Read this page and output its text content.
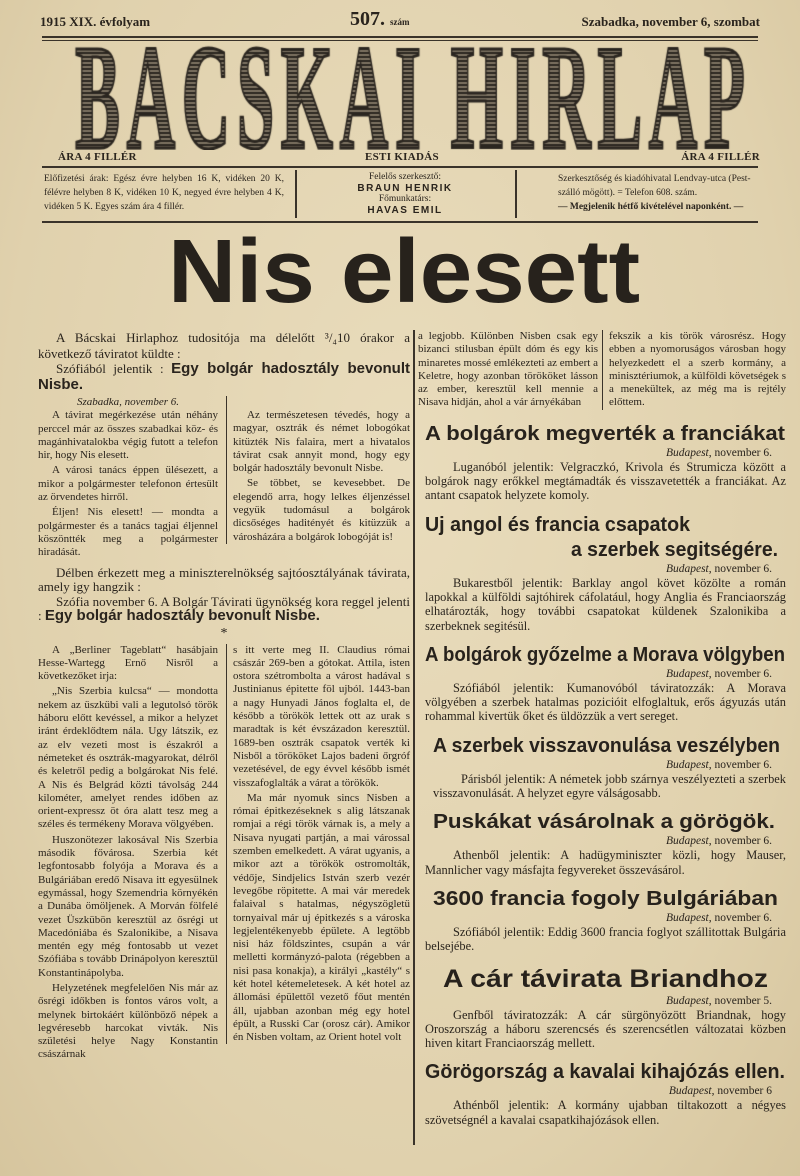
1915 XIX. évfolyam	507. szám	Szabadka, november 6, szombat
ÁRA 4 FILLÉR	ESTI KIADÁS	ÁRA 4 FILLÉR
Előfizetési árak: Egész évre helyben 16 K, vidéken 20 K, félévre helyben 8 K, vidéken 10 K, negyed évre helyben 4 K, vidéken 5 K. Egyes szám ára 4 fillér.
Felelős szerkesztő:
BRAUN HENRIK
Főmunkatárs:
HAVAS EMIL
Szerkesztőség és kiadóhivatal Lendvay-utca (Pest-szálló mögött). = Telefon 608. szám.
— Megjelenik hétfő kivételével naponként. —
Nis elesett

A Bácskai Hirlaphoz tudositója ma délelőtt ³/₄10 órakor a következő táviratot küldte :

Szófiából jelentik : Egy bolgár hadosztály bevonult Nisbe.

Szabadka, november 6.

A távirat megérkezése után néhány perccel már az összes szabadkai köz- és magánhivatalokba végig futott a telefon hir, hogy Nis elesett.

A városi tanács éppen ülésezett, a mikor a polgármester telefonon értesült az örvendetes hirről.

Éljen! Nis elesett! — mondta a polgármester és a tanács tagjai éljennel köszöntték meg a polgármester hiradását.

Az természetesen tévedés, hogy a magyar, osztrák és német lobogókat kitüzték Nis falaira, mert a hivatalos távirat csak annyit mond, hogy egy bolgár hadosztály bevonult Nisbe.

Se többet, se kevesebbet. De elegendő arra, hogy lelkes éljenzéssel vegyük tudomásul a bolgárok dicsőséges haditényét és kitüzzük a városházára a bolgárok lobogóját is!

Délben érkezett meg a miniszterelnökség sajtóosztályának távirata, amely igy hangzik :

Szófia november 6. A Bolgár Távirati ügynökség kora reggel jelenti : Egy bolgár hadosztály bevonult Nisbe.

*

A „Berliner Tageblatt“ hasábjain Hesse-Wartegg Ernő Nisről a következőket irja:

„Nis Szerbia kulcsa“ — mondotta nekem az üszkübi vali a legutolsó török háboru előtt kevéssel, a mikor a helyzet iránt érdeklődtem nála. Ugy látszik, ez az elv vezeti most is északról a németeket és osztrák-magyarokat, délről és keletről pedig a bolgárokat Nis felé. A Nis és Belgrád közti távolság 244 kilométer, amelyet rendes időben az orient-expressz öt óra alatt tesz meg a széles és termékeny Morava völgyében.

Huszonötezer lakosával Nis Szerbia második fővárosa. Szerbia két legfontosabb folyója a Morava és a Bulgáriában eredő Nisava itt egyesülnek egymással, hogy Szemendria környékén a Dunába ömöljenek. A Morván fölfelé vezet Üszkübön keresztül az ősrégi ut Macedóniába és Szalonikibe, a Nisava mentén egy még fontosabb ut vezet Szófiába s tovább Drinápolyon keresztül Konstantinápolyba.

Helyzetének megfelelően Nis már az ősrégi időkben is fontos város volt, a melynek birtokáért különböző népek a legvéresebb harcokat vivták. Nis születési helye Nagy Konstantin császárnak

s itt verte meg II. Claudius római császár 269-ben a gótokat. Attila, isten ostora szétrombolta a várost hadával s Justinianus épitette föl ujból. 1443-ban a nagy Hunyadi János foglalta el, de később a törökök lettek ott az urak s maradtak is két évszázadon keresztül. 1689-ben osztrák csapatok verték ki Nisből a törököket Lajos badeni őrgróf vezetésével, de egy évvel később ismét visszafoglalták a várat a törökök.

Ma már nyomuk sincs Nisben a római épitkezéseknek s alig látszanak romjai a régi török várnak is, a mely a Nisava nyugati partján, a mai várossal szemben emelkedett. A várat ugyanis, a mikor azt a törökök ostromolták, védője, Sindjelics István szerb vezér levegőbe röpitette. A mai vár meredek falaival s hatalmas, négyszögletü tornyaival már uj épitkezés s a városka legjelentékenyebb épülete. A legtöbb nisi ház földszintes, csupán a vár melletti kormányzó-palota (régebben a nisi pasa konakja), a királyi „kastély“ s két hotel kétemeletesek. A két hotel az állomási épülettől vezető főut mentén áll, ujabban azonban még egy hotel épült, a Russki Car (orosz cár). Amikor én Nisben voltam, az Orient hotel volt

a legjobb. Különben Nisben csak egy bizanci stilusban épült dóm és egy kis minaretes mossé emlékezteti az embert a Keletre, hogy azonban törököket lásson az ember, keresztül kell mennie a Nisava hidján, ahol a vár árnyékában

fekszik a kis török városrész. Hogy ebben a nyomoruságos városban hogy helyezkedett el a szerb kormány, a minisztériumok, a külföldi követségek s a menekültek, az még ma is rejtély előttem.

A bolgárok megverték a franciákat
Budapest, november 6.

Luganóból jelentik: Velgraczkó, Krivola és Strumicza között a bolgárok nagy erőkkel megtámadták és visszavetették a franciákat. Az antant csapatok helyzete komoly.

Uj angol és francia csapatok
a szerbek segitségére.
Budapest, november 6.

Bukarestből jelentik: Barklay angol követ közölte a román lapokkal a külföldi sajtóhirek cáfolatául, hogy Anglia és Franciaország elhatározták, hogy további csapatokat küldenek Szalonikiba a szerbeknek segitésül.

A bolgárok győzelme a Morava völgyben
Budapest, november 6.

Szófiából jelentik: Kumanovóból táviratozzák: A Morava völgyében a szerbek hatalmas pozicióit elfoglaltuk, erős ágyuzás után rohammal kivertük őket és üldözzük a vert sereget.

A szerbek visszavonulása veszélyben
Budapest, november 6.

Párisból jelentik: A németek jobb szárnya veszélyezteti a szerbek visszavonulását. A helyzet egyre válságosabb.

Puskákat vásárolnak a görögök.
Budapest, november 6.

Athenből jelentik: A hadügyminiszter közli, hogy Mauser, Mannlicher vagy másfajta fegyvereket összevásárol.

3600 francia fogoly Bulgáriában
Budapest, november 6.

Szófiából jelentik: Eddig 3600 francia foglyot szállitottak Bulgária belsejébe.

A cár távirata Briandhoz
Budapest, november 5.

Genfből táviratozzák: A cár sürgönyözött Briandnak, hogy Oroszország a háboru szerencsés és szerencsétlen változatai közben hiven kitart Franciaország mellett.

Görögország a kavalai kihajózás ellen.
Budapest, november 6

Athénből jelentik: A kormány ujabban tiltakozott a négyes szövetségnél a kavalai csapatkihajózások ellen.
